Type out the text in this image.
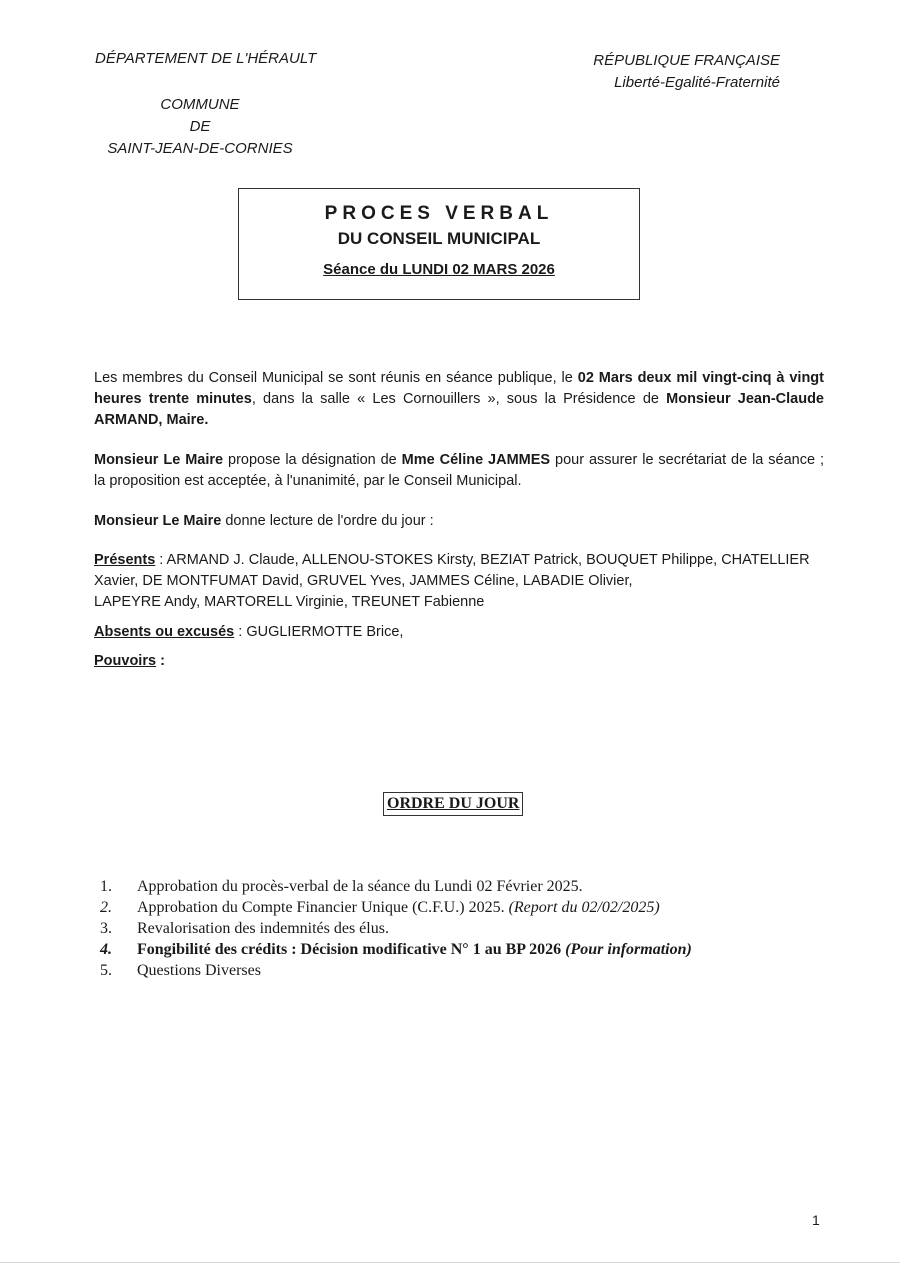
DÉPARTEMENT DE L'HÉRAULT
COMMUNE
DE
SAINT-JEAN-DE-CORNIES
RÉPUBLIQUE FRANÇAISE
Liberté-Egalité-Fraternité
PROCES VERBAL
DU CONSEIL MUNICIPAL
Séance du LUNDI 02 MARS 2026
Les membres du Conseil Municipal se sont réunis en séance publique, le 02 Mars deux mil vingt-cinq à vingt heures trente minutes, dans la salle « Les Cornouillers », sous la Présidence de Monsieur Jean-Claude ARMAND, Maire.
Monsieur Le Maire propose la désignation de Mme Céline JAMMES pour assurer le secrétariat de la séance ; la proposition est acceptée, à l'unanimité, par le Conseil Municipal.
Monsieur Le Maire donne lecture de l'ordre du jour :
Présents : ARMAND J. Claude, ALLENOU-STOKES Kirsty, BEZIAT Patrick, BOUQUET Philippe, CHATELLIER Xavier, DE MONTFUMAT David, GRUVEL Yves, JAMMES Céline, LABADIE Olivier,
LAPEYRE Andy, MARTORELL Virginie, TREUNET Fabienne
Absents ou excusés : GUGLIERMOTTE Brice,
Pouvoirs :
ORDRE DU JOUR
1.	Approbation du procès-verbal de la séance du Lundi 02 Février 2025.
2.	Approbation du Compte Financier Unique (C.F.U.) 2025. (Report du 02/02/2025)
3.	Revalorisation des indemnités des élus.
4.	Fongibilité des crédits : Décision modificative N° 1 au BP 2026 (Pour information)
5.	Questions Diverses
1
